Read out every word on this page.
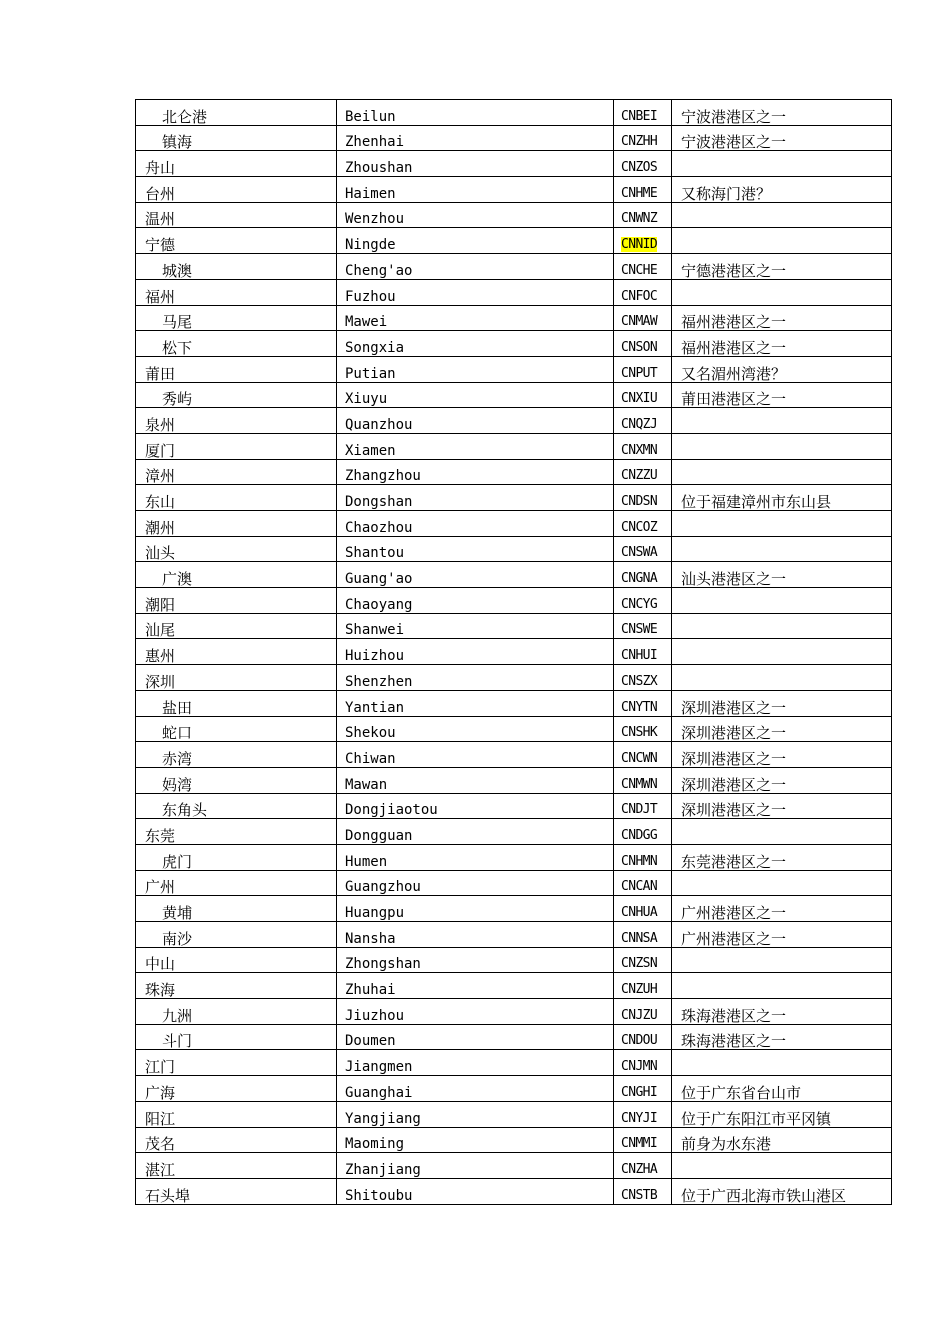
北仑港	Beilun	CNBEI	宁波港港区之一
镇海	Zhenhai	CNZHH	宁波港港区之一
舟山	Zhoushan	CNZOS	
台州	Haimen	CNHME	又称海门港？
温州	Wenzhou	CNWNZ	
宁德	Ningde	CNNID	
城澳	Cheng'ao	CNCHE	宁德港港区之一
福州	Fuzhou	CNFOC	
马尾	Mawei	CNMAW	福州港港区之一
松下	Songxia	CNSON	福州港港区之一
莆田	Putian	CNPUT	又名湄州湾港？
秀屿	Xiuyu	CNXIU	莆田港港区之一
泉州	Quanzhou	CNQZJ	
厦门	Xiamen	CNXMN	
漳州	Zhangzhou	CNZZU	
东山	Dongshan	CNDSN	位于福建漳州市东山县
潮州	Chaozhou	CNCOZ	
汕头	Shantou	CNSWA	
广澳	Guang'ao	CNGNA	汕头港港区之一
潮阳	Chaoyang	CNCYG	
汕尾	Shanwei	CNSWE	
惠州	Huizhou	CNHUI	
深圳	Shenzhen	CNSZX	
盐田	Yantian	CNYTN	深圳港港区之一
蛇口	Shekou	CNSHK	深圳港港区之一
赤湾	Chiwan	CNCWN	深圳港港区之一
妈湾	Mawan	CNMWN	深圳港港区之一
东角头	Dongjiaotou	CNDJT	深圳港港区之一
东莞	Dongguan	CNDGG	
虎门	Humen	CNHMN	东莞港港区之一
广州	Guangzhou	CNCAN	
黄埔	Huangpu	CNHUA	广州港港区之一
南沙	Nansha	CNNSA	广州港港区之一
中山	Zhongshan	CNZSN	
珠海	Zhuhai	CNZUH	
九洲	Jiuzhou	CNJZU	珠海港港区之一
斗门	Doumen	CNDOU	珠海港港区之一
江门	Jiangmen	CNJMN	
广海	Guanghai	CNGHI	位于广东省台山市
阳江	Yangjiang	CNYJI	位于广东阳江市平冈镇
茂名	Maoming	CNMMI	前身为水东港
湛江	Zhanjiang	CNZHA	
石头埠	Shitoubu	CNSTB	位于广西北海市铁山港区
